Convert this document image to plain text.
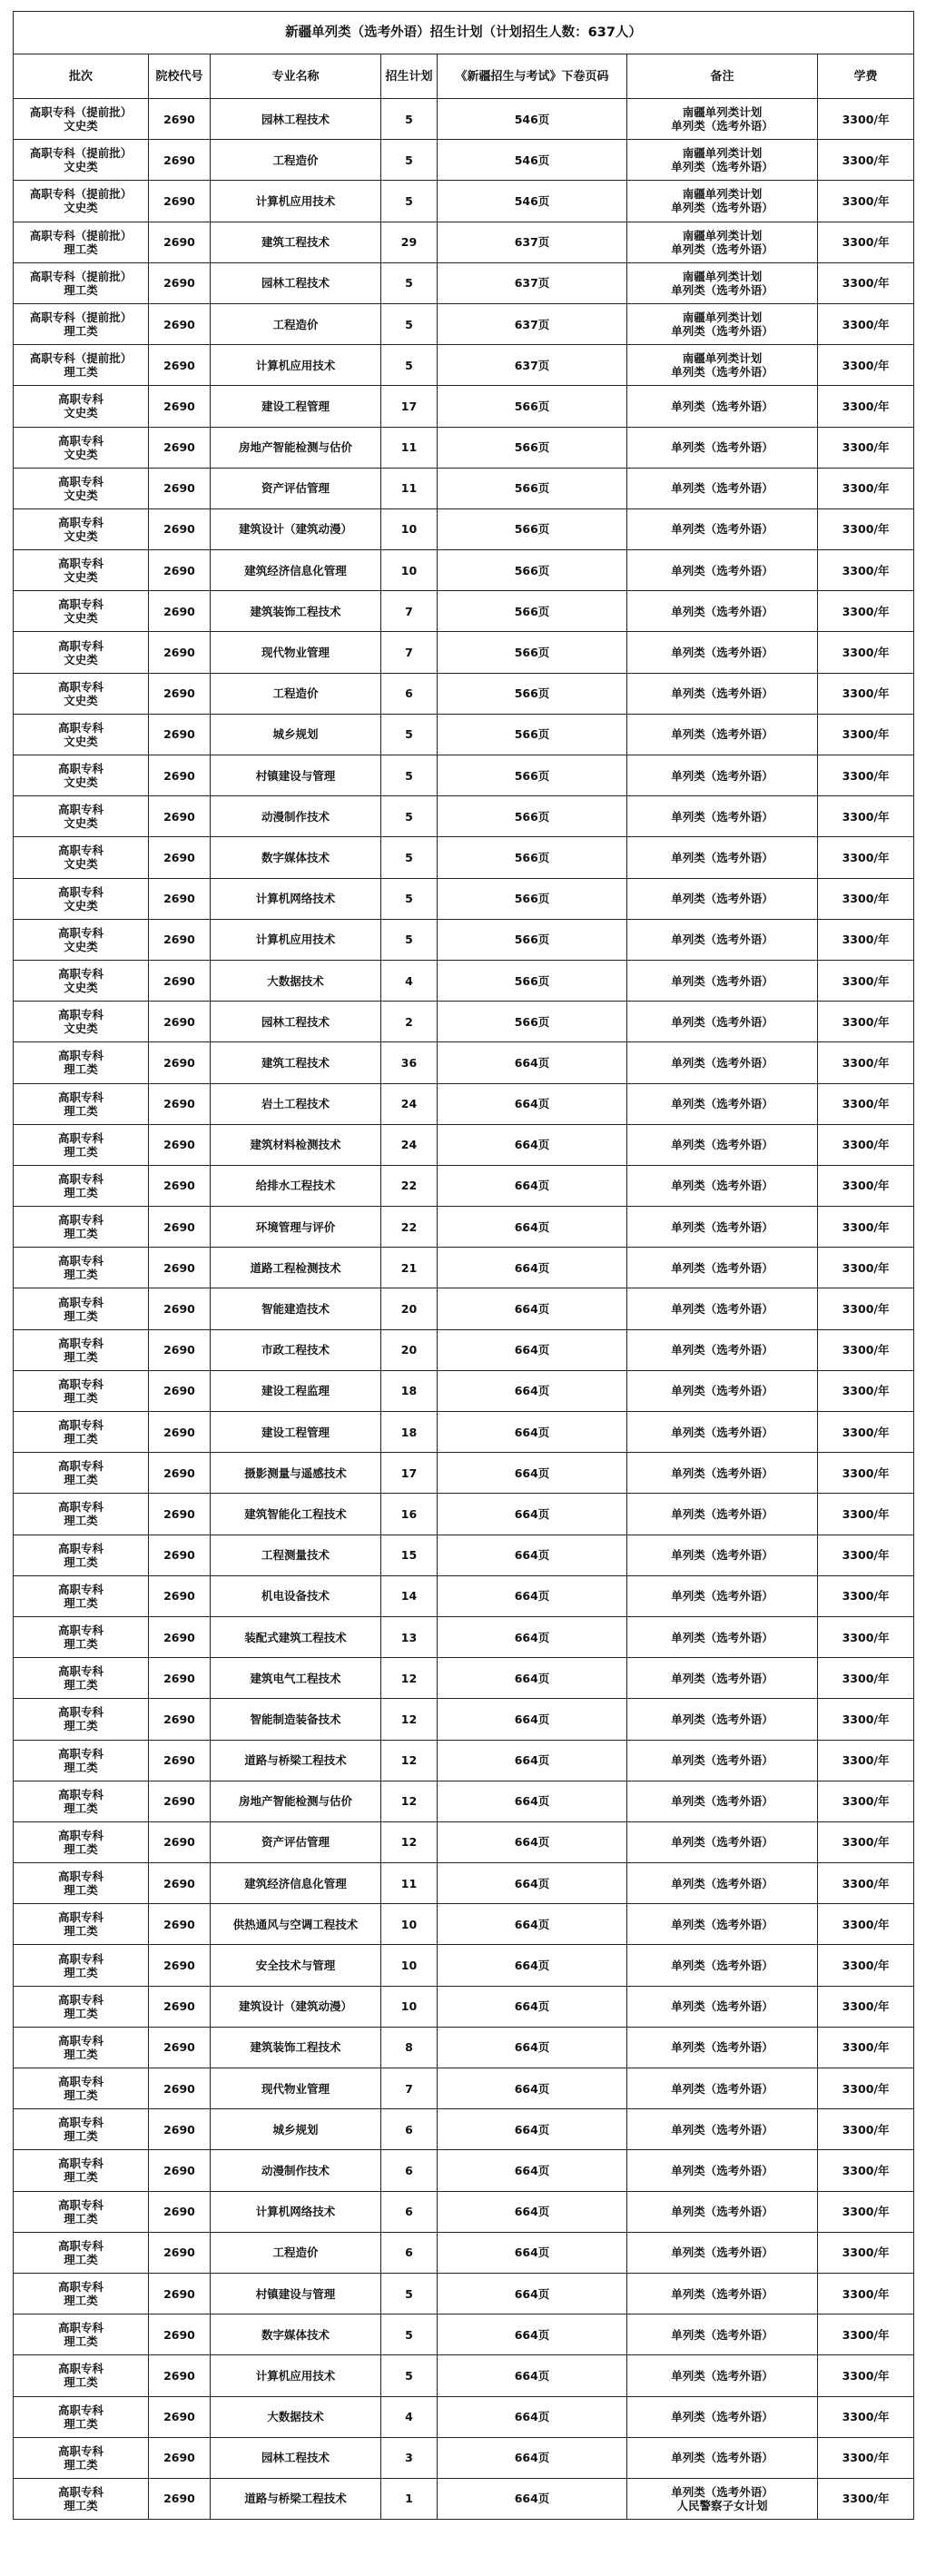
新疆单列类（选考外语）招生计划（计划招生人数：637人）						
批次	院校代号	专业名称	招生计划	《新疆招生与考试》下卷页码	备注	学费

高职专科（提前批）
文史类	2690	园林工程技术	5	546页	南疆单列类计划
单列类（选考外语）	3300/年

高职专科（提前批）
文史类	2690	工程造价	5	546页	南疆单列类计划
单列类（选考外语）	3300/年

高职专科（提前批）
文史类	2690	计算机应用技术	5	546页	南疆单列类计划
单列类（选考外语）	3300/年

高职专科（提前批）
理工类	2690	建筑工程技术	29	637页	南疆单列类计划
单列类（选考外语）	3300/年

高职专科（提前批）
理工类	2690	园林工程技术	5	637页	南疆单列类计划
单列类（选考外语）	3300/年

高职专科（提前批）
理工类	2690	工程造价	5	637页	南疆单列类计划
单列类（选考外语）	3300/年

高职专科（提前批）
理工类	2690	计算机应用技术	5	637页	南疆单列类计划
单列类（选考外语）	3300/年

高职专科
文史类	2690	建设工程管理	17	566页	单列类（选考外语）	3300/年

高职专科
文史类	2690	房地产智能检测与估价	11	566页	单列类（选考外语）	3300/年

高职专科
文史类	2690	资产评估管理	11	566页	单列类（选考外语）	3300/年

高职专科
文史类	2690	建筑设计（建筑动漫）	10	566页	单列类（选考外语）	3300/年

高职专科
文史类	2690	建筑经济信息化管理	10	566页	单列类（选考外语）	3300/年

高职专科
文史类	2690	建筑装饰工程技术	7	566页	单列类（选考外语）	3300/年

高职专科
文史类	2690	现代物业管理	7	566页	单列类（选考外语）	3300/年

高职专科
文史类	2690	工程造价	6	566页	单列类（选考外语）	3300/年

高职专科
文史类	2690	城乡规划	5	566页	单列类（选考外语）	3300/年

高职专科
文史类	2690	村镇建设与管理	5	566页	单列类（选考外语）	3300/年

高职专科
文史类	2690	动漫制作技术	5	566页	单列类（选考外语）	3300/年

高职专科
文史类	2690	数字媒体技术	5	566页	单列类（选考外语）	3300/年

高职专科
文史类	2690	计算机网络技术	5	566页	单列类（选考外语）	3300/年

高职专科
文史类	2690	计算机应用技术	5	566页	单列类（选考外语）	3300/年

高职专科
文史类	2690	大数据技术	4	566页	单列类（选考外语）	3300/年

高职专科
文史类	2690	园林工程技术	2	566页	单列类（选考外语）	3300/年

高职专科
理工类	2690	建筑工程技术	36	664页	单列类（选考外语）	3300/年

高职专科
理工类	2690	岩土工程技术	24	664页	单列类（选考外语）	3300/年

高职专科
理工类	2690	建筑材料检测技术	24	664页	单列类（选考外语）	3300/年

高职专科
理工类	2690	给排水工程技术	22	664页	单列类（选考外语）	3300/年

高职专科
理工类	2690	环境管理与评价	22	664页	单列类（选考外语）	3300/年

高职专科
理工类	2690	道路工程检测技术	21	664页	单列类（选考外语）	3300/年

高职专科
理工类	2690	智能建造技术	20	664页	单列类（选考外语）	3300/年

高职专科
理工类	2690	市政工程技术	20	664页	单列类（选考外语）	3300/年

高职专科
理工类	2690	建设工程监理	18	664页	单列类（选考外语）	3300/年

高职专科
理工类	2690	建设工程管理	18	664页	单列类（选考外语）	3300/年

高职专科
理工类	2690	摄影测量与遥感技术	17	664页	单列类（选考外语）	3300/年

高职专科
理工类	2690	建筑智能化工程技术	16	664页	单列类（选考外语）	3300/年

高职专科
理工类	2690	工程测量技术	15	664页	单列类（选考外语）	3300/年

高职专科
理工类	2690	机电设备技术	14	664页	单列类（选考外语）	3300/年

高职专科
理工类	2690	装配式建筑工程技术	13	664页	单列类（选考外语）	3300/年

高职专科
理工类	2690	建筑电气工程技术	12	664页	单列类（选考外语）	3300/年

高职专科
理工类	2690	智能制造装备技术	12	664页	单列类（选考外语）	3300/年

高职专科
理工类	2690	道路与桥梁工程技术	12	664页	单列类（选考外语）	3300/年

高职专科
理工类	2690	房地产智能检测与估价	12	664页	单列类（选考外语）	3300/年

高职专科
理工类	2690	资产评估管理	12	664页	单列类（选考外语）	3300/年

高职专科
理工类	2690	建筑经济信息化管理	11	664页	单列类（选考外语）	3300/年

高职专科
理工类	2690	供热通风与空调工程技术	10	664页	单列类（选考外语）	3300/年

高职专科
理工类	2690	安全技术与管理	10	664页	单列类（选考外语）	3300/年

高职专科
理工类	2690	建筑设计（建筑动漫）	10	664页	单列类（选考外语）	3300/年

高职专科
理工类	2690	建筑装饰工程技术	8	664页	单列类（选考外语）	3300/年

高职专科
理工类	2690	现代物业管理	7	664页	单列类（选考外语）	3300/年

高职专科
理工类	2690	城乡规划	6	664页	单列类（选考外语）	3300/年

高职专科
理工类	2690	动漫制作技术	6	664页	单列类（选考外语）	3300/年

高职专科
理工类	2690	计算机网络技术	6	664页	单列类（选考外语）	3300/年

高职专科
理工类	2690	工程造价	6	664页	单列类（选考外语）	3300/年

高职专科
理工类	2690	村镇建设与管理	5	664页	单列类（选考外语）	3300/年

高职专科
理工类	2690	数字媒体技术	5	664页	单列类（选考外语）	3300/年

高职专科
理工类	2690	计算机应用技术	5	664页	单列类（选考外语）	3300/年

高职专科
理工类	2690	大数据技术	4	664页	单列类（选考外语）	3300/年

高职专科
理工类	2690	园林工程技术	3	664页	单列类（选考外语）	3300/年

高职专科
理工类	2690	道路与桥梁工程技术	1	664页	单列类（选考外语）
人民警察子女计划	3300/年
